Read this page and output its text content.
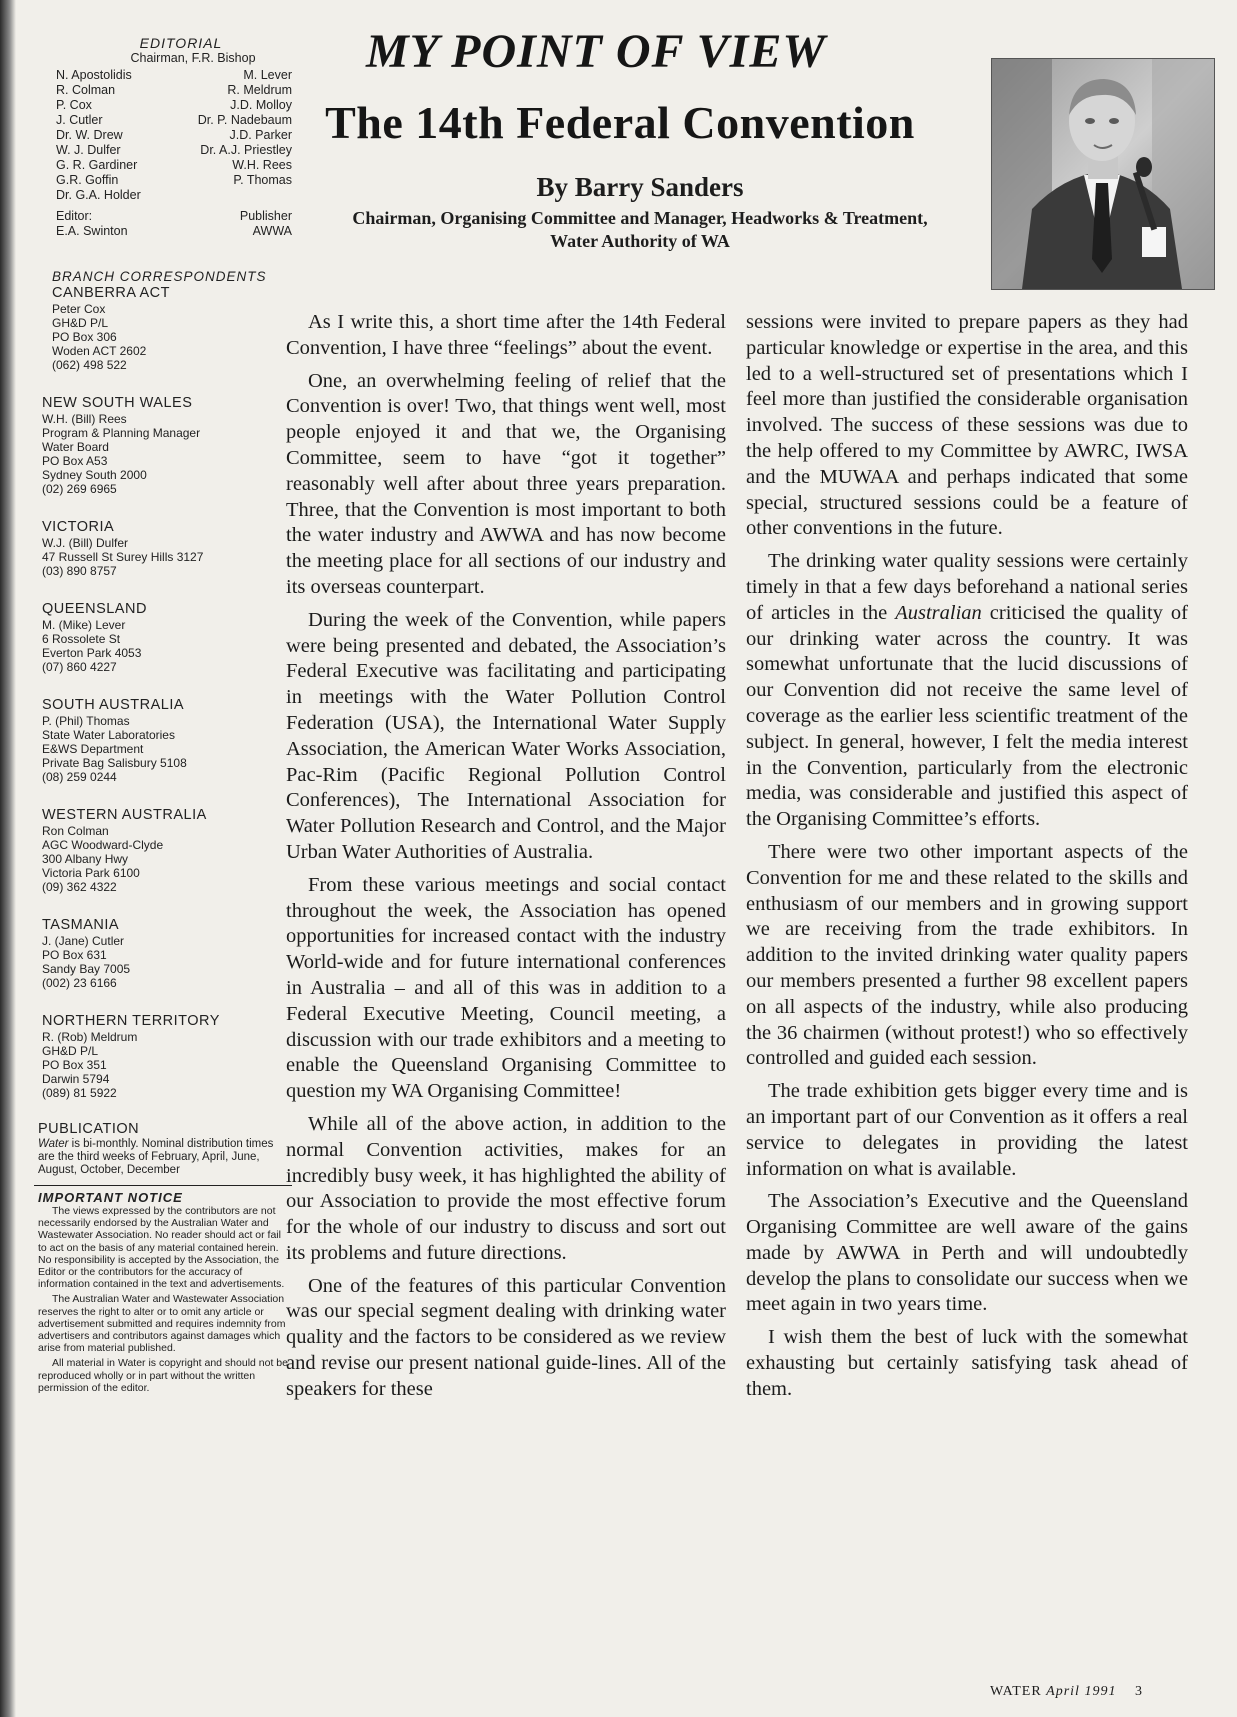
EDITORIAL
Chairman, F.R. Bishop
N. Apostolidis
R. Colman
P. Cox
J. Cutler
Dr. W. Drew
W. J. Dulfer
G. R. Gardiner
G.R. Goffin
Dr. G.A. Holder
M. Lever
R. Meldrum
J.D. Molloy
Dr. P. Nadebaum
J.D. Parker
Dr. A.J. Priestley
W.H. Rees
P. Thomas
Editor:
E.A. Swinton
Publisher
AWWA
BRANCH CORRESPONDENTS
CANBERRA ACT
Peter Cox
GH&D P/L
PO Box 306
Woden ACT 2602
(062) 498 522
NEW SOUTH WALES
W.H. (Bill) Rees
Program & Planning Manager
Water Board
PO Box A53
Sydney South 2000
(02) 269 6965
VICTORIA
W.J. (Bill) Dulfer
47 Russell St Surey Hills 3127
(03) 890 8757
QUEENSLAND
M. (Mike) Lever
6 Rossolete St
Everton Park 4053
(07) 860 4227
SOUTH AUSTRALIA
P. (Phil) Thomas
State Water Laboratories
E&WS Department
Private Bag Salisbury 5108
(08) 259 0244
WESTERN AUSTRALIA
Ron Colman
AGC Woodward-Clyde
300 Albany Hwy
Victoria Park 6100
(09) 362 4322
TASMANIA
J. (Jane) Cutler
PO Box 631
Sandy Bay 7005
(002) 23 6166
NORTHERN TERRITORY
R. (Rob) Meldrum
GH&D P/L
PO Box 351
Darwin 5794
(089) 81 5922
PUBLICATION
Water is bi-monthly. Nominal distribution times are the third weeks of February, April, June, August, October, December
IMPORTANT NOTICE

The views expressed by the contributors are not necessarily endorsed by the Australian Water and Wastewater Association. No reader should act or fail to act on the basis of any material contained herein. No responsibility is accepted by the Association, the Editor or the contributors for the accuracy of information contained in the text and advertisements.

The Australian Water and Wastewater Association reserves the right to alter or to omit any article or advertisement submitted and requires indemnity from advertisers and contributors against damages which arise from material published.

All material in Water is copyright and should not be reproduced wholly or in part without the written permission of the editor.

MY POINT OF VIEW
The 14th Federal Convention
By Barry Sanders
Chairman, Organising Committee and Manager, Headworks & Treatment, Water Authority of WA

As I write this, a short time after the 14th Federal Convention, I have three “feelings” about the event.

One, an overwhelming feeling of relief that the Convention is over! Two, that things went well, most people enjoyed it and that we, the Organising Committee, seem to have “got it together” reasonably well after about three years preparation. Three, that the Convention is most important to both the water industry and AWWA and has now become the meeting place for all sections of our industry and its overseas counterpart.

During the week of the Convention, while papers were being presented and debated, the Association’s Federal Executive was facilitating and participating in meetings with the Water Pollution Control Federation (USA), the International Water Supply Association, the American Water Works Association, Pac-Rim (Pacific Regional Pollution Control Conferences), The International Association for Water Pollution Research and Control, and the Major Urban Water Authorities of Australia.

From these various meetings and social contact throughout the week, the Association has opened opportunities for increased contact with the industry World-wide and for future international conferences in Australia – and all of this was in addition to a Federal Executive Meeting, Council meeting, a discussion with our trade exhibitors and a meeting to enable the Queensland Organising Committee to question my WA Organising Committee!

While all of the above action, in addition to the normal Convention activities, makes for an incredibly busy week, it has highlighted the ability of our Association to provide the most effective forum for the whole of our industry to discuss and sort out its problems and future directions.

One of the features of this particular Convention was our special segment dealing with drinking water quality and the factors to be considered as we review and revise our present national guide-lines. All of the speakers for these

sessions were invited to prepare papers as they had particular knowledge or expertise in the area, and this led to a well-structured set of presentations which I feel more than justified the considerable organisation involved. The success of these sessions was due to the help offered to my Committee by AWRC, IWSA and the MUWAA and perhaps indicated that some special, structured sessions could be a feature of other conventions in the future.

The drinking water quality sessions were certainly timely in that a few days beforehand a national series of articles in the Australian criticised the quality of our drinking water across the country. It was somewhat unfortunate that the lucid discussions of our Convention did not receive the same level of coverage as the earlier less scientific treatment of the subject. In general, however, I felt the media interest in the Convention, particularly from the electronic media, was considerable and justified this aspect of the Organising Committee’s efforts.

There were two other important aspects of the Convention for me and these related to the skills and enthusiasm of our members and in growing support we are receiving from the trade exhibitors. In addition to the invited drinking water quality papers our members presented a further 98 excellent papers on all aspects of the industry, while also producing the 36 chairmen (without protest!) who so effectively controlled and guided each session.

The trade exhibition gets bigger every time and is an important part of our Convention as it offers a real service to delegates in providing the latest information on what is available.

The Association’s Executive and the Queensland Organising Committee are well aware of the gains made by AWWA in Perth and will undoubtedly develop the plans to consolidate our success when we meet again in two years time.

I wish them the best of luck with the somewhat exhausting but certainly satisfying task ahead of them.

WATER April 1991 3
